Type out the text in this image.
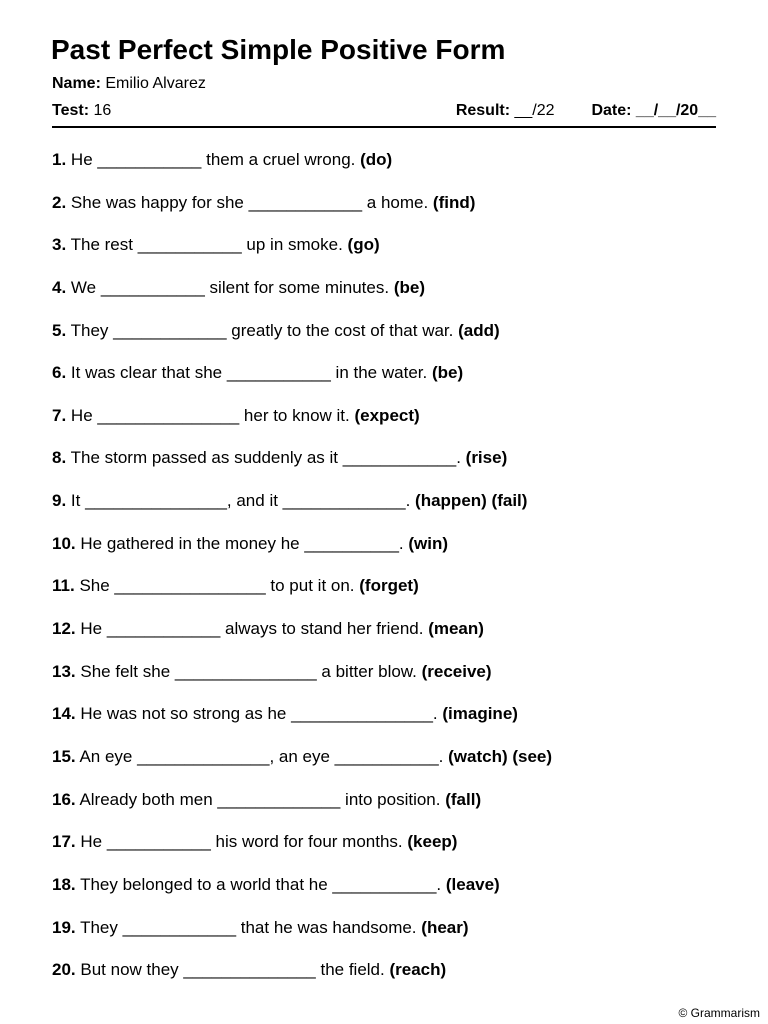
Past Perfect Simple Positive Form
Name: Emilio Alvarez
Test: 16	Result: __/22 Date: __/__/20__
1. He ___________ them a cruel wrong. (do)
2. She was happy for she ____________ a home. (find)
3. The rest ___________ up in smoke. (go)
4. We ___________ silent for some minutes. (be)
5. They ____________ greatly to the cost of that war. (add)
6. It was clear that she ___________ in the water. (be)
7. He _______________ her to know it. (expect)
8. The storm passed as suddenly as it ____________. (rise)
9. It _______________, and it _____________. (happen) (fail)
10. He gathered in the money he __________. (win)
11. She ________________ to put it on. (forget)
12. He ____________ always to stand her friend. (mean)
13. She felt she _______________ a bitter blow. (receive)
14. He was not so strong as he _______________. (imagine)
15. An eye ______________, an eye ___________. (watch) (see)
16. Already both men _____________ into position. (fall)
17. He ___________ his word for four months. (keep)
18. They belonged to a world that he ___________. (leave)
19. They ____________ that he was handsome. (hear)
20. But now they ______________ the field. (reach)
© Grammarism
